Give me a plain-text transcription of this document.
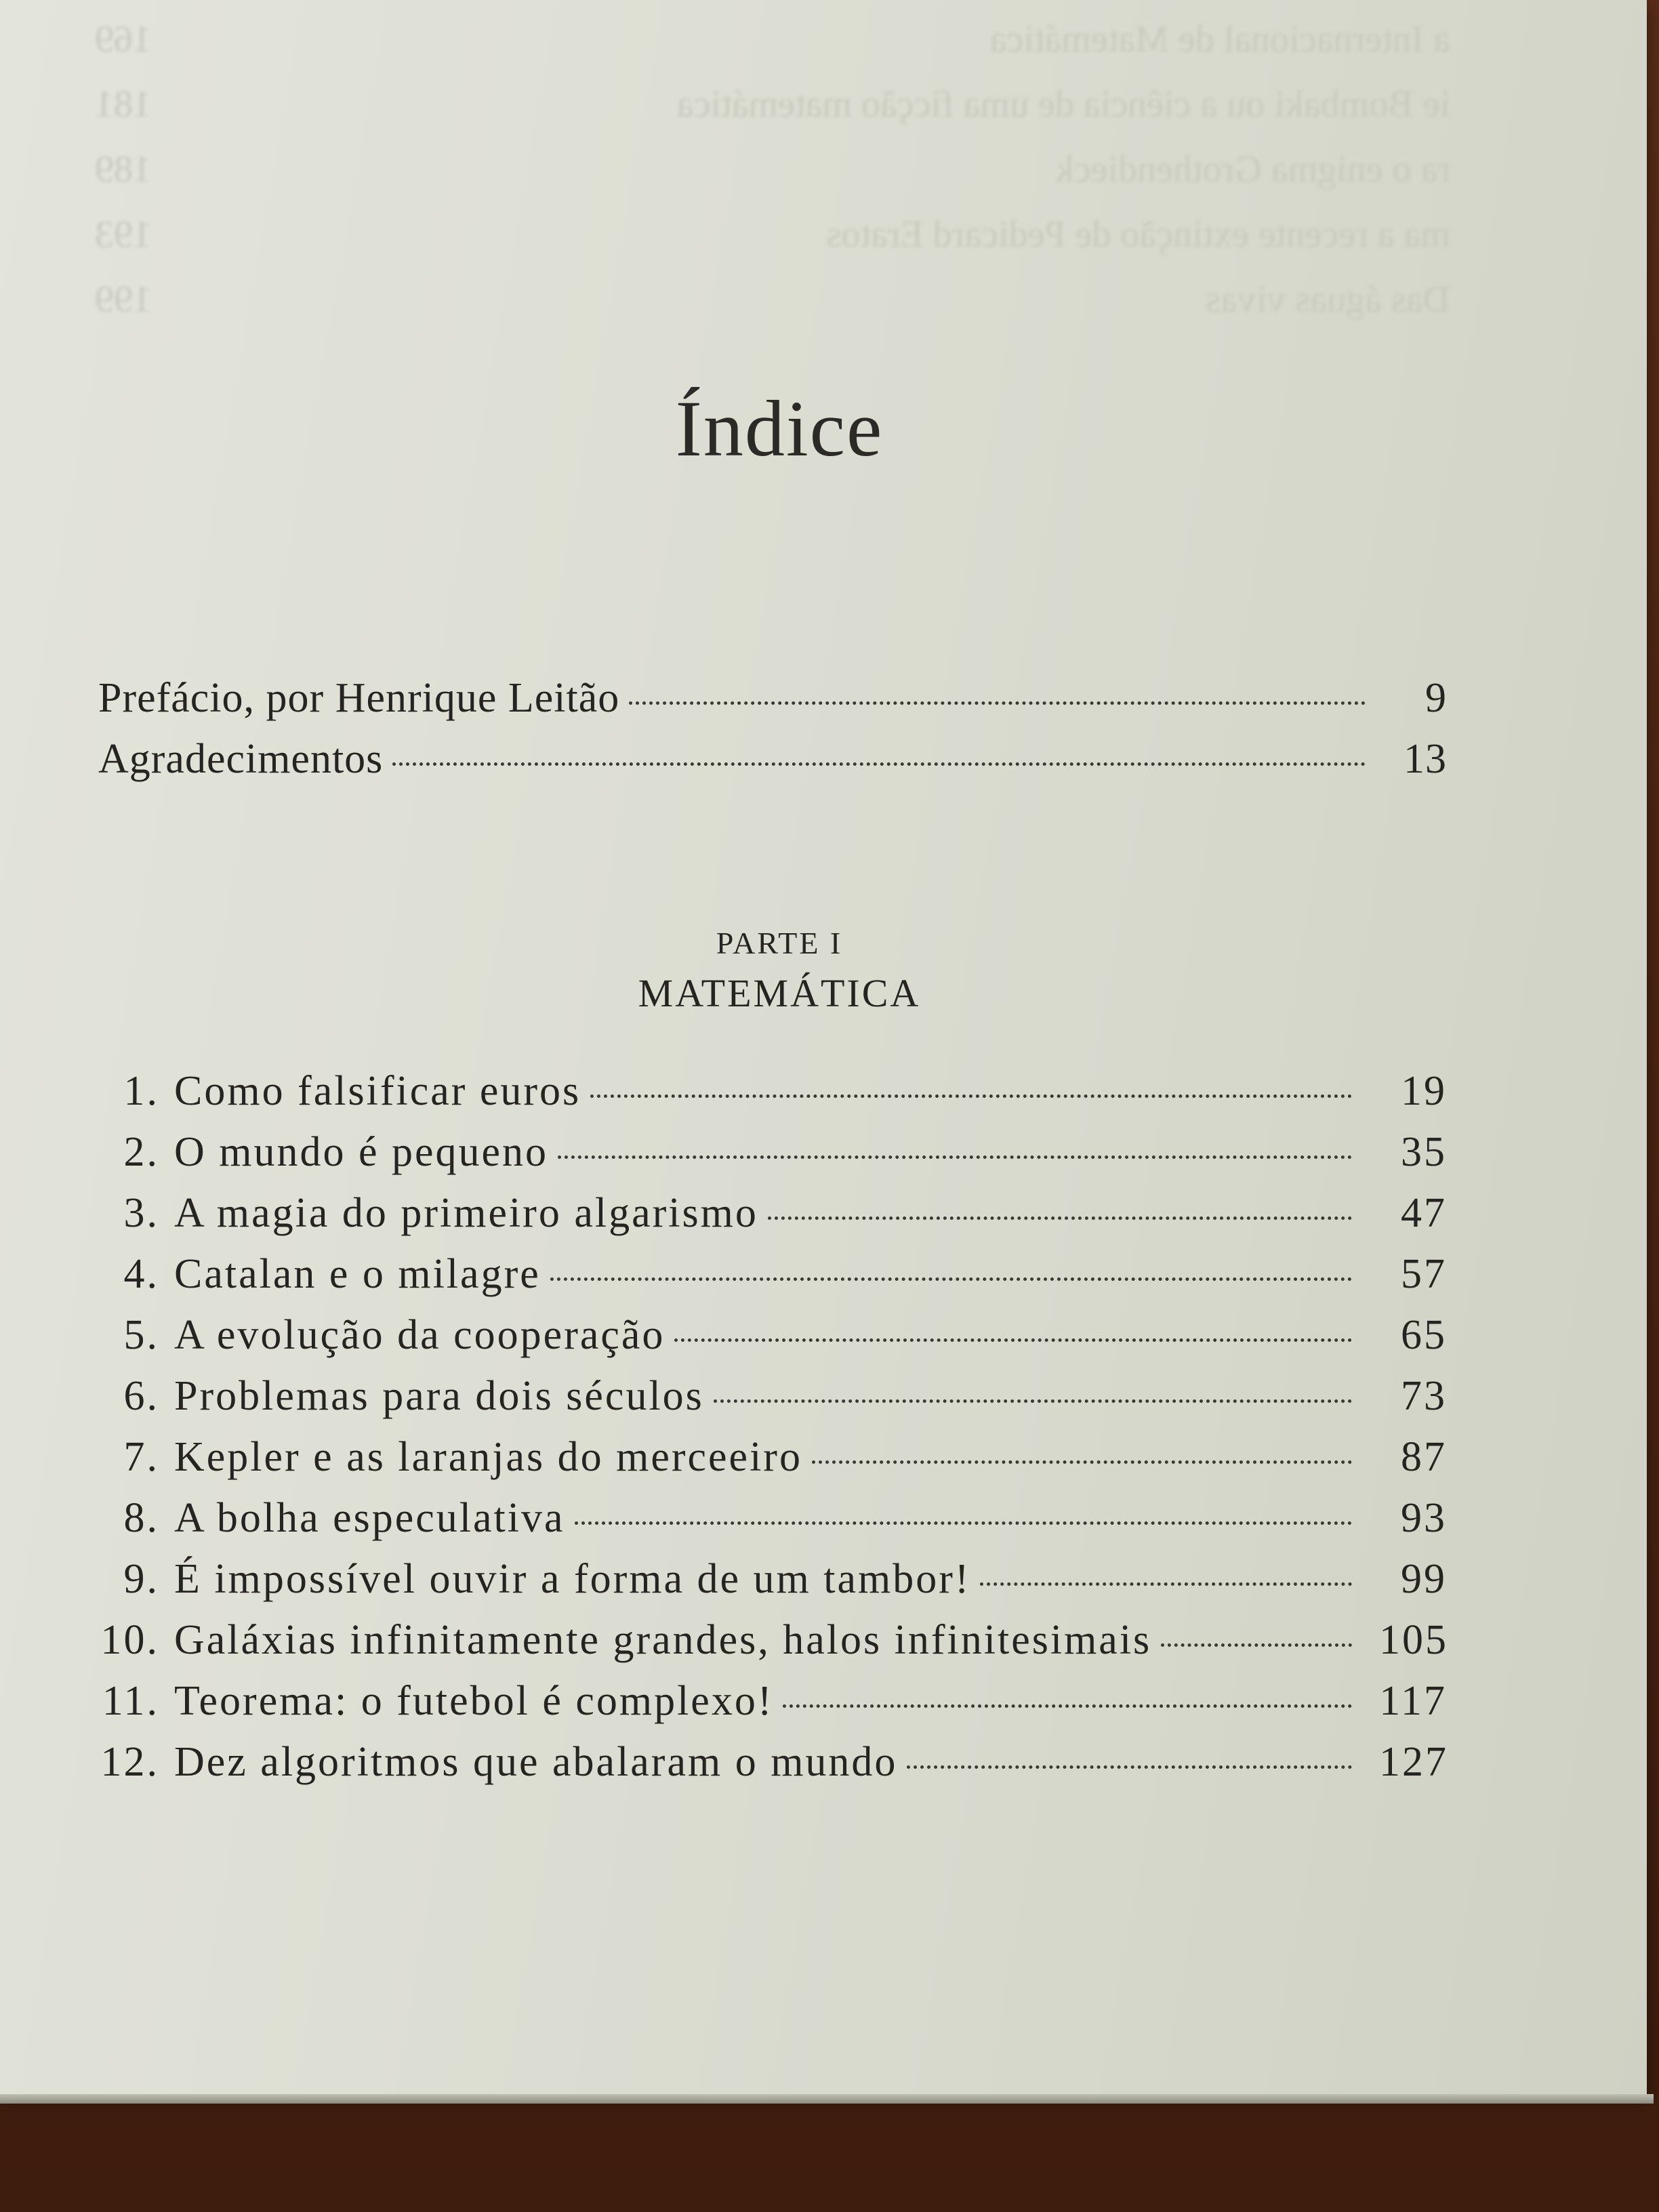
a Internacional de Matemática
169
ie Bombaki ou a ciência de uma ficção matemática
181
ra o enigma Grothendieck
189
ma a recente extinção de Pedicard Eratos
193
Das águas vivas
199
Índice
Prefácio, por Henrique Leitão	9
Agradecimentos	13
PARTE I
MATEMÁTICA
1. Como falsificar euros	19
2. O mundo é pequeno	35
3. A magia do primeiro algarismo	47
4. Catalan e o milagre	57
5. A evolução da cooperação	65
6. Problemas para dois séculos	73
7. Kepler e as laranjas do merceeiro	87
8. A bolha especulativa	93
9. É impossível ouvir a forma de um tambor!	99
10. Galáxias infinitamente grandes, halos infinitesimais	105
11. Teorema: o futebol é complexo!	117
12. Dez algoritmos que abalaram o mundo	127
